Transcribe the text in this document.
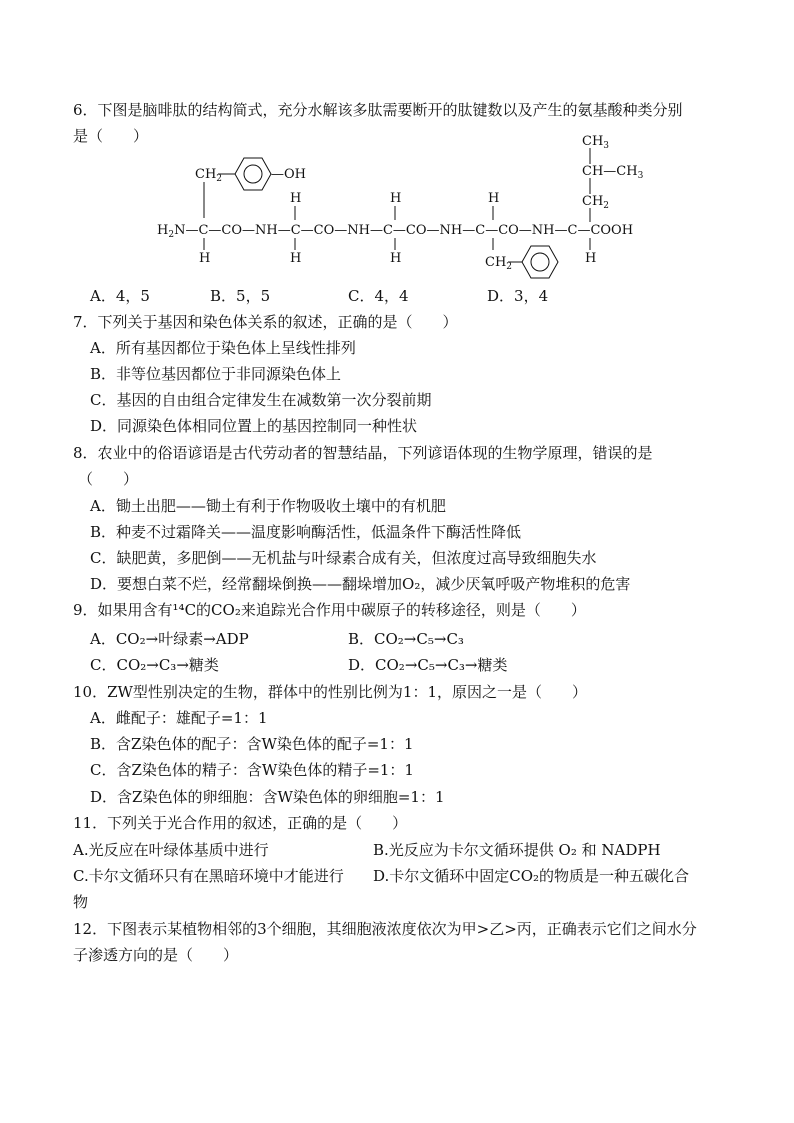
6．下图是脑啡肽的结构简式，充分水解该多肽需要断开的肽键数以及产生的氨基酸种类分别
是（　　）	$CH_3$
$CH—CH_3$
$CH_2$
$CH_2$	—OH
$H_2N—C—CO—NH—C—CO—NH—C—CO—NH—C—CO—NH—C—COOH$
H	H	H
H	H	H	H
$CH_2$
A．4，5	B．5，5	C．4，4	D．3，4
7．下列关于基因和染色体关系的叙述，正确的是（　　）
A．所有基因都位于染色体上呈线性排列
B．非等位基因都位于非同源染色体上
C．基因的自由组合定律发生在减数第一次分裂前期
D．同源染色体相同位置上的基因控制同一种性状
8．农业中的俗语谚语是古代劳动者的智慧结晶，下列谚语体现的生物学原理，错误的是
（　　）
A．锄土出肥——锄土有利于作物吸收土壤中的有机肥
B．种麦不过霜降关——温度影响酶活性，低温条件下酶活性降低
C．缺肥黄，多肥倒——无机盐与叶绿素合成有关，但浓度过高导致细胞失水
D．要想白菜不烂，经常翻垛倒换——翻垛增加O₂，减少厌氧呼吸产物堆积的危害
9．如果用含有¹⁴C的CO₂来追踪光合作用中碳原子的转移途径，则是（　　）
A．CO₂→叶绿素→ADP	B．CO₂→C₅→C₃
C．CO₂→C₃→糖类	D．CO₂→C₅→C₃→糖类
10．ZW型性别决定的生物，群体中的性别比例为1：1，原因之一是（　　）
A．雌配子：雄配子=1：1
B．含Z染色体的配子：含W染色体的配子=1：1
C．含Z染色体的精子：含W染色体的精子=1：1
D．含Z染色体的卵细胞：含W染色体的卵细胞=1：1
11．下列关于光合作用的叙述，正确的是（　　）
A.光反应在叶绿体基质中进行	B.光反应为卡尔文循环提供 O₂ 和 NADPH
C.卡尔文循环只有在黑暗环境中才能进行 D.卡尔文循环中固定CO₂的物质是一种五碳化合
物
12．下图表示某植物相邻的3个细胞，其细胞液浓度依次为甲>乙>丙，正确表示它们之间水分
子渗透方向的是（　　）
